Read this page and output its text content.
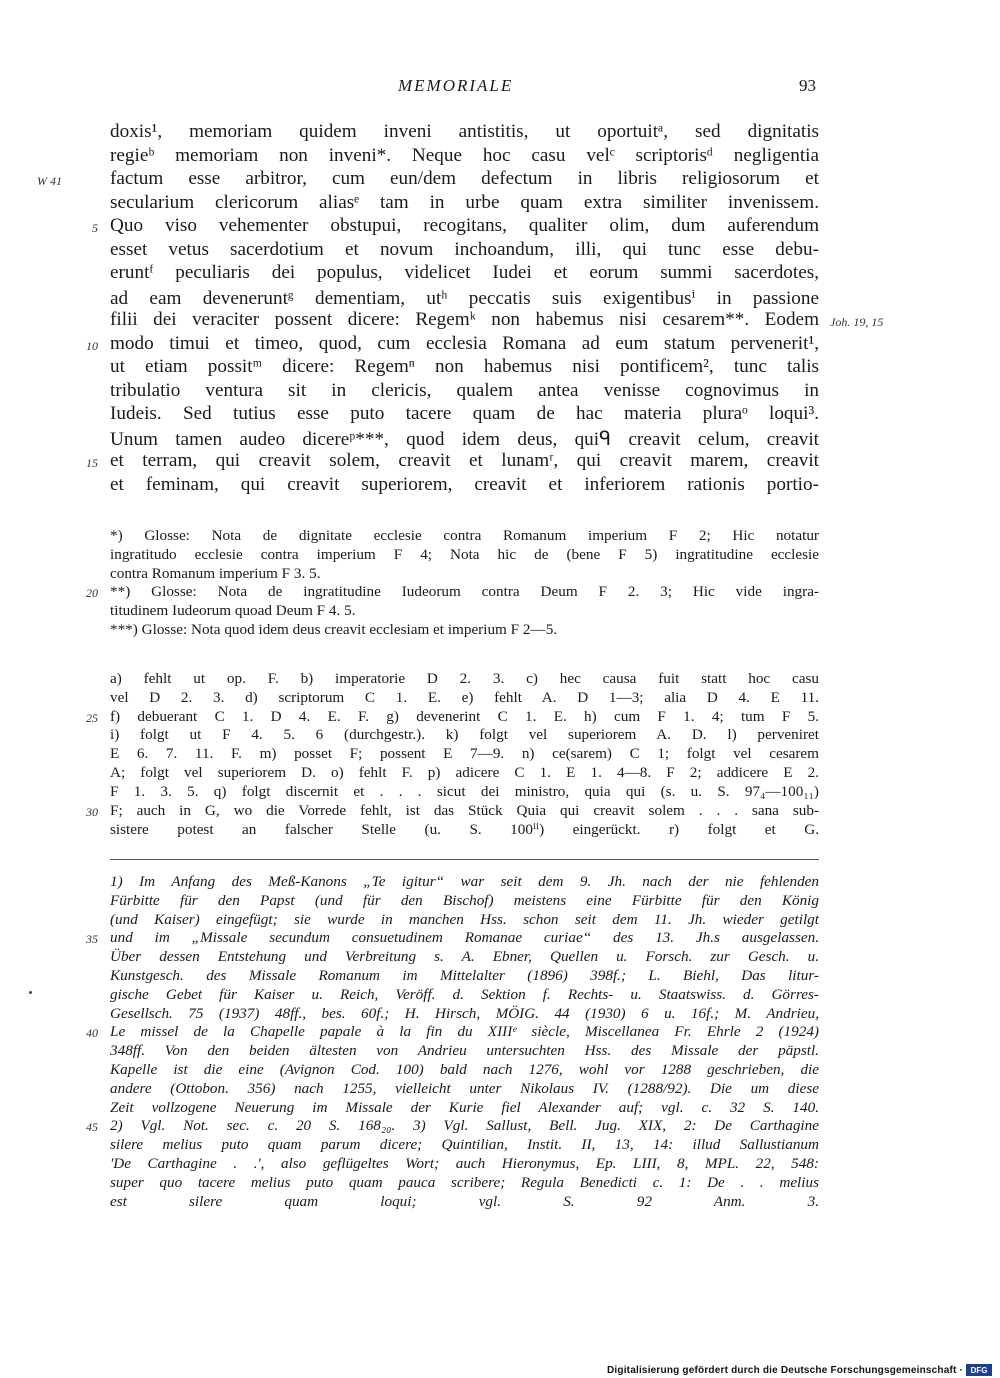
MEMORIALE	93
doxis¹, memoriam quidem inveni antistitis, ut oportuitᵃ, sed dignitatis
regieᵇ memoriam non inveni*. Neque hoc casu velᶜ scriptorisᵈ negligentia
W 41	factum esse arbitror, cum eun/dem defectum in libris religiosorum et
secularium clericorum aliasᵉ tam in urbe quam extra similiter invenissem.
5 Quo viso vehementer obstupui, recogitans, qualiter olim, dum auferendum
esset vetus sacerdotium et novum inchoandum, illi, qui tunc esse debu-
eruntᶠ peculiaris dei populus, videlicet Iudei et eorum summi sacerdotes,
ad eam deveneruntᵍ dementiam, utʰ peccatis suis exigentibusⁱ in passione
Joh. 19, 15
filii dei veraciter possent dicere: Regemᵏ non habemus nisi cesarem**. Eodem
10 modo timui et timeo, quod, cum ecclesia Romana ad eum statum pervenerit¹,
ut etiam possitᵐ dicere: Regemⁿ non habemus nisi pontificem², tunc talis
tribulatio ventura sit in clericis, qualem antea venisse cognovimus in
Iudeis. Sed tutius esse puto tacere quam de hac materia pluraᵒ loqui³.
Unum tamen audeo dicereᵖ***, quod idem deus, quiᑫ creavit celum, creavit
15 et terram, qui creavit solem, creavit et lunamʳ, qui creavit marem, creavit
et feminam, qui creavit superiorem, creavit et inferiorem rationis portio-
*) Glosse: Nota de dignitate ecclesie contra Romanum imperium F 2; Hic notatur
ingratitudo ecclesie contra imperium F 4; Nota hic de (bene F 5) ingratitudine ecclesie
contra Romanum imperium F 3. 5.
20 **) Glosse: Nota de ingratitudine Iudeorum contra Deum F 2. 3; Hic vide ingra-
titudinem Iudeorum quoad Deum F 4. 5.
***) Glosse: Nota quod idem deus creavit ecclesiam et imperium F 2—5.
a) fehlt ut op. F. b) imperatorie D 2. 3. c) hec causa fuit statt hoc casu
vel D 2. 3. d) scriptorum C 1. E. e) fehlt A. D 1—3; alia D 4. E 11.
25 f) debuerant C 1. D 4. E. F. g) devenerint C 1. E. h) cum F 1. 4; tum F 5.
i) folgt ut F 4. 5. 6 (durchgestr.). k) folgt vel superiorem A. D. l) perveniret
E 6. 7. 11. F. m) posset F; possent E 7—9. n) ce(sarem) C 1; folgt vel cesarem
A; folgt vel superiorem D. o) fehlt F. p) adicere C 1. E 1. 4—8. F 2; addicere E 2.
F 1. 3. 5. q) folgt discernit et . . . sicut dei ministro, quia qui (s. u. S. 97₄—100₁₁)
30 F; auch in G, wo die Vorrede fehlt, ist das Stück Quia qui creavit solem . . . sana sub-
sistere potest an falscher Stelle (u. S. 100ⁱⁱ) eingerückt. r) folgt et G.
1) Im Anfang des Meß-Kanons „Te igitur“ war seit dem 9. Jh. nach der nie fehlenden
Fürbitte für den Papst (und für den Bischof) meistens eine Fürbitte für den König
(und Kaiser) eingefügt; sie wurde in manchen Hss. schon seit dem 11. Jh. wieder getilgt
35 und im „Missale secundum consuetudinem Romanae curiae“ des 13. Jh.s ausgelassen.
Über dessen Entstehung und Verbreitung s. A. Ebner, Quellen u. Forsch. zur Gesch. u.
Kunstgesch. des Missale Romanum im Mittelalter (1896) 398f.; L. Biehl, Das litur-
gische Gebet für Kaiser u. Reich, Veröff. d. Sektion f. Rechts- u. Staatswiss. d. Görres-
Gesellsch. 75 (1937) 48ff., bes. 60f.; H. Hirsch, MÖIG. 44 (1930) 6 u. 16f.; M. Andrieu,
40 Le missel de la Chapelle papale à la fin du XIIIᵉ siècle, Miscellanea Fr. Ehrle 2 (1924)
348ff. Von den beiden ältesten von Andrieu untersuchten Hss. des Missale der päpstl.
Kapelle ist die eine (Avignon Cod. 100) bald nach 1276, wohl vor 1288 geschrieben, die
andere (Ottobon. 356) nach 1255, vielleicht unter Nikolaus IV. (1288/92). Die um diese
Zeit vollzogene Neuerung im Missale der Kurie fiel Alexander auf; vgl. c. 32 S. 140.
45 2) Vgl. Not. sec. c. 20 S. 168₂₀. 3) Vgl. Sallust, Bell. Jug. XIX, 2: De Carthagine
silere melius puto quam parum dicere; Quintilian, Instit. II, 13, 14: illud Sallustianum
'De Carthagine . .', also geflügeltes Wort; auch Hieronymus, Ep. LIII, 8, MPL. 22, 548:
super quo tacere melius puto quam pauca scribere; Regula Benedicti c. 1: De . . melius
est silere quam loqui; vgl. S. 92 Anm. 3.
Digitalisierung gefördert durch die Deutsche Forschungsgemeinschaft · DFG
